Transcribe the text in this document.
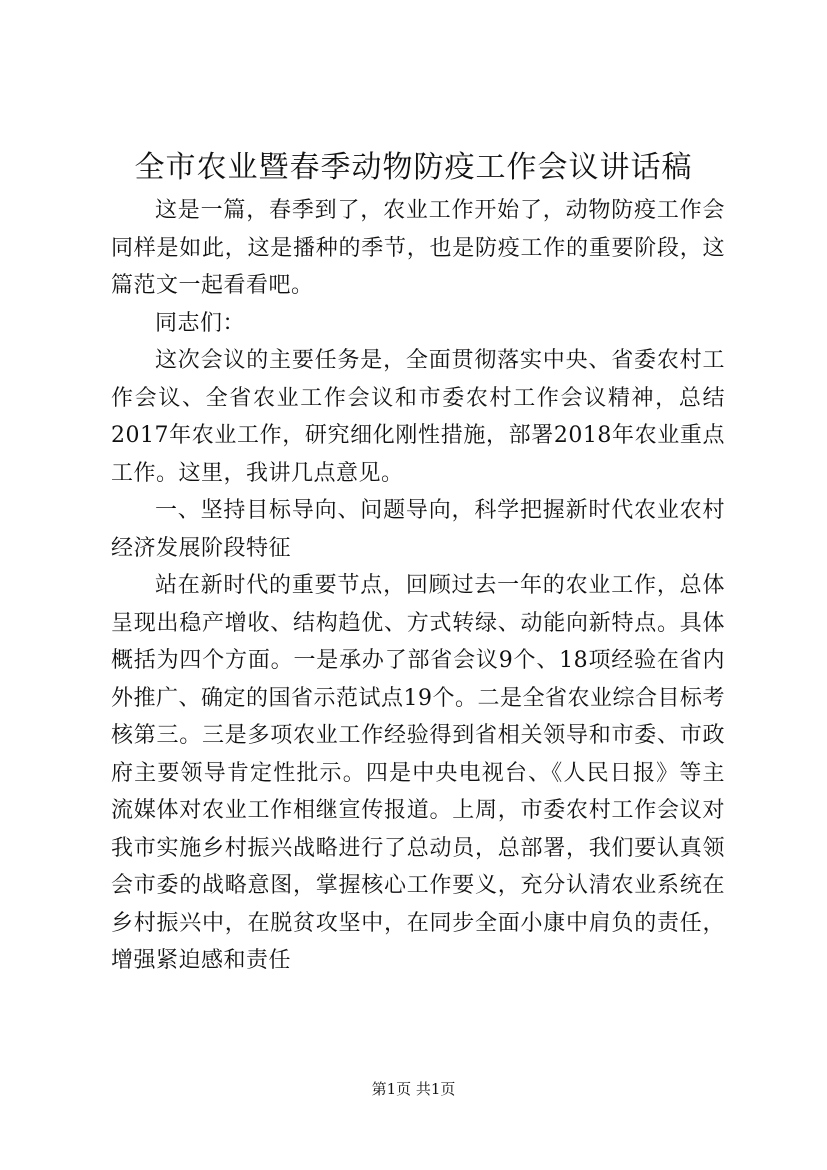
全市农业暨春季动物防疫工作会议讲话稿

这是一篇，春季到了，农业工作开始了，动物防疫工作会同样是如此，这是播种的季节，也是防疫工作的重要阶段，这篇范文一起看看吧。

同志们：

这次会议的主要任务是，全面贯彻落实中央、省委农村工作会议、全省农业工作会议和市委农村工作会议精神，总结2017年农业工作，研究细化刚性措施，部署2018年农业重点工作。这里，我讲几点意见。

一、坚持目标导向、问题导向，科学把握新时代农业农村经济发展阶段特征

站在新时代的重要节点，回顾过去一年的农业工作，总体呈现出稳产增收、结构趋优、方式转绿、动能向新特点。具体概括为四个方面。一是承办了部省会议9个、18项经验在省内外推广、确定的国省示范试点19个。二是全省农业综合目标考核第三。三是多项农业工作经验得到省相关领导和市委、市政府主要领导肯定性批示。四是中央电视台、《人民日报》等主流媒体对农业工作相继宣传报道。上周，市委农村工作会议对我市实施乡村振兴战略进行了总动员，总部署，我们要认真领会市委的战略意图，掌握核心工作要义，充分认清农业系统在乡村振兴中，在脱贫攻坚中，在同步全面小康中肩负的责任，增强紧迫感和责任

第1页 共1页
